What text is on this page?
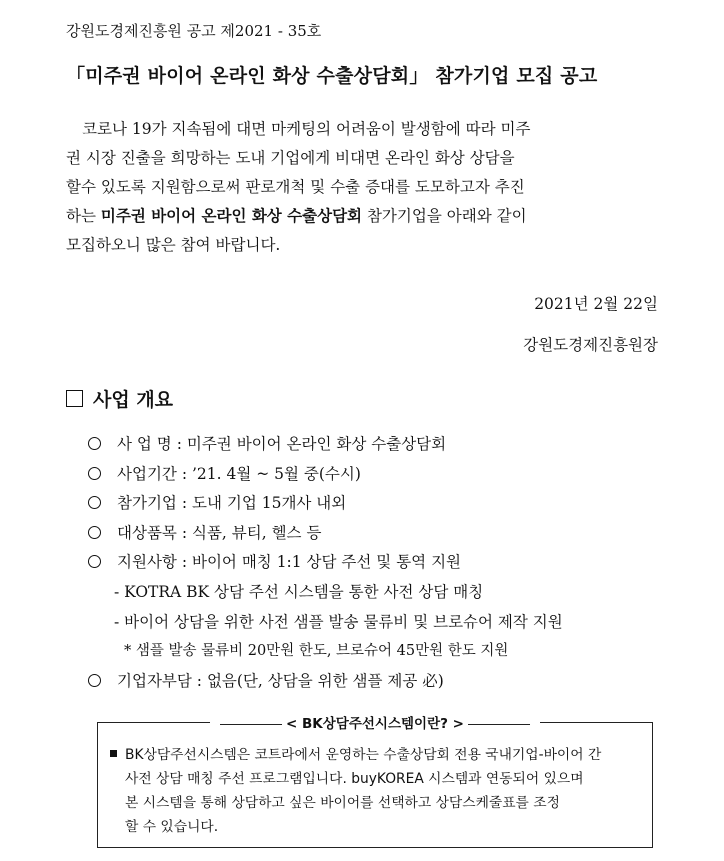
강원도경제진흥원 공고 제2021 - 35호
「미주권 바이어 온라인 화상 수출상담회」 참가기업 모집 공고
코로나 19가 지속됨에 대면 마케팅의 어려움이 발생함에 따라 미주
권 시장 진출을 희망하는 도내 기업에게 비대면 온라인 화상 상담을
할수 있도록 지원함으로써 판로개척 및 수출 증대를 도모하고자 추진
하는 미주권 바이어 온라인 화상 수출상담회 참가기업을 아래와 같이
모집하오니 많은 참여 바랍니다.
2021년 2월 22일
강원도경제진흥원장
사업 개요
사 업 명 : 미주권 바이어 온라인 화상 수출상담회
사업기간 : ’21. 4월 ~ 5월 중(수시)
참가기업 : 도내 기업 15개사 내외
대상품목 : 식품, 뷰티, 헬스 등
지원사항 : 바이어 매칭 1:1 상담 주선 및 통역 지원
- KOTRA BK 상담 주선 시스템을 통한 사전 상담 매칭
- 바이어 상담을 위한 사전 샘플 발송 물류비 및 브로슈어 제작 지원
* 샘플 발송 물류비 20만원 한도, 브로슈어 45만원 한도 지원
기업자부담 : 없음(단, 상담을 위한 샘플 제공 必)
< BK상담주선시스템이란? >
BK상담주선시스템은 코트라에서 운영하는 수출상담회 전용 국내기업-바이어 간
사전 상담 매칭 주선 프로그램입니다. buyKOREA 시스템과 연동되어 있으며
본 시스템을 통해 상담하고 싶은 바이어를 선택하고 상담스케줄표를 조정
할 수 있습니다.
